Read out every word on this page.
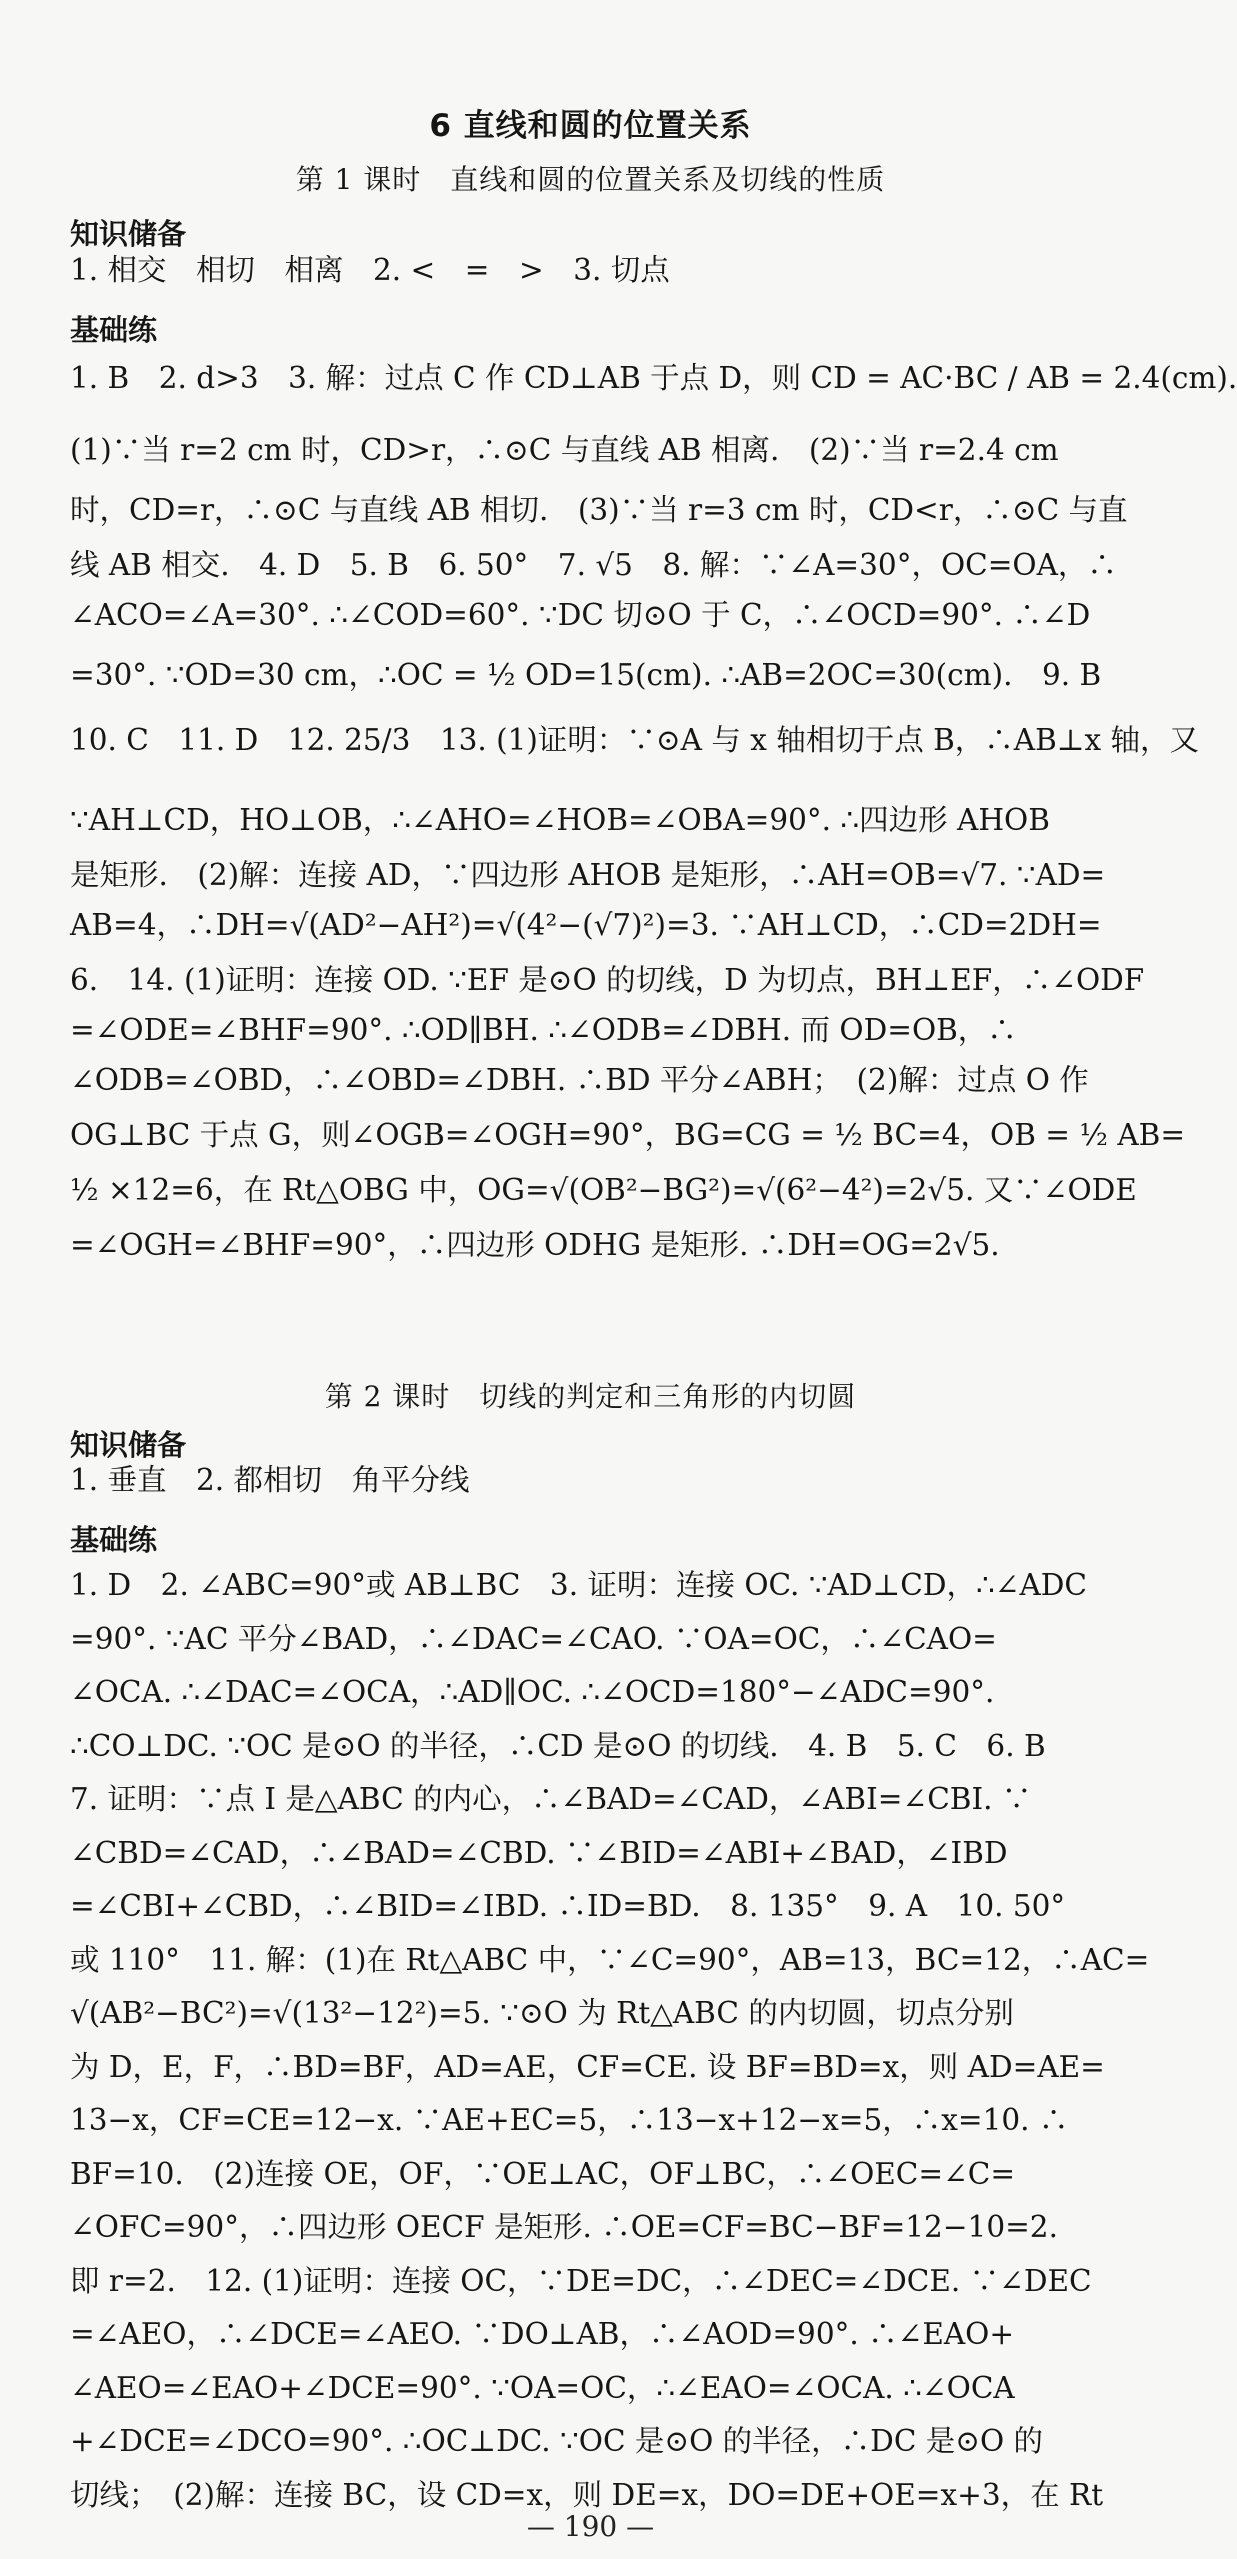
6 直线和圆的位置关系
第 1 课时　直线和圆的位置关系及切线的性质
知识储备
1. 相交　相切　相离　2. <　=　>　3. 切点
基础练
1. B　2. d>3　3. 解：过点 C 作 CD⊥AB 于点 D，则 CD = AC·BC / AB = 2.4(cm).
(1)∵当 r=2 cm 时，CD>r，∴⊙C 与直线 AB 相离.　(2)∵当 r=2.4 cm
时，CD=r，∴⊙C 与直线 AB 相切.　(3)∵当 r=3 cm 时，CD<r，∴⊙C 与直
线 AB 相交.　4. D　5. B　6. 50°　7. √5　8. 解：∵∠A=30°，OC=OA，∴
∠ACO=∠A=30°. ∴∠COD=60°. ∵DC 切⊙O 于 C，∴∠OCD=90°. ∴∠D
=30°. ∵OD=30 cm，∴OC = ½ OD=15(cm). ∴AB=2OC=30(cm).　9. B
10. C　11. D　12. 25/3　13. (1)证明：∵⊙A 与 x 轴相切于点 B，∴AB⊥x 轴，又
∵AH⊥CD，HO⊥OB，∴∠AHO=∠HOB=∠OBA=90°. ∴四边形 AHOB
是矩形.　(2)解：连接 AD，∵四边形 AHOB 是矩形，∴AH=OB=√7. ∵AD=
AB=4，∴DH=√(AD²−AH²)=√(4²−(√7)²)=3. ∵AH⊥CD，∴CD=2DH=
6.　14. (1)证明：连接 OD. ∵EF 是⊙O 的切线，D 为切点，BH⊥EF，∴∠ODF
=∠ODE=∠BHF=90°. ∴OD∥BH. ∴∠ODB=∠DBH. 而 OD=OB，∴
∠ODB=∠OBD，∴∠OBD=∠DBH. ∴BD 平分∠ABH；　(2)解：过点 O 作
OG⊥BC 于点 G，则∠OGB=∠OGH=90°，BG=CG = ½ BC=4，OB = ½ AB=
½ ×12=6，在 Rt△OBG 中，OG=√(OB²−BG²)=√(6²−4²)=2√5. 又∵∠ODE
=∠OGH=∠BHF=90°，∴四边形 ODHG 是矩形. ∴DH=OG=2√5.
第 2 课时　切线的判定和三角形的内切圆
知识储备
1. 垂直　2. 都相切　角平分线
基础练
1. D　2. ∠ABC=90°或 AB⊥BC　3. 证明：连接 OC. ∵AD⊥CD，∴∠ADC
=90°. ∵AC 平分∠BAD，∴∠DAC=∠CAO. ∵OA=OC，∴∠CAO=
∠OCA. ∴∠DAC=∠OCA，∴AD∥OC. ∴∠OCD=180°−∠ADC=90°.
∴CO⊥DC. ∵OC 是⊙O 的半径，∴CD 是⊙O 的切线.　4. B　5. C　6. B
7. 证明：∵点 I 是△ABC 的内心，∴∠BAD=∠CAD，∠ABI=∠CBI. ∵
∠CBD=∠CAD，∴∠BAD=∠CBD. ∵∠BID=∠ABI+∠BAD，∠IBD
=∠CBI+∠CBD，∴∠BID=∠IBD. ∴ID=BD.　8. 135°　9. A　10. 50°
或 110°　11. 解：(1)在 Rt△ABC 中，∵∠C=90°，AB=13，BC=12，∴AC=
√(AB²−BC²)=√(13²−12²)=5. ∵⊙O 为 Rt△ABC 的内切圆，切点分别
为 D，E，F，∴BD=BF，AD=AE，CF=CE. 设 BF=BD=x，则 AD=AE=
13−x，CF=CE=12−x. ∵AE+EC=5，∴13−x+12−x=5，∴x=10. ∴
BF=10.　(2)连接 OE，OF，∵OE⊥AC，OF⊥BC，∴∠OEC=∠C=
∠OFC=90°，∴四边形 OECF 是矩形. ∴OE=CF=BC−BF=12−10=2.
即 r=2.　12. (1)证明：连接 OC，∵DE=DC，∴∠DEC=∠DCE. ∵∠DEC
=∠AEO，∴∠DCE=∠AEO. ∵DO⊥AB，∴∠AOD=90°. ∴∠EAO+
∠AEO=∠EAO+∠DCE=90°. ∵OA=OC，∴∠EAO=∠OCA. ∴∠OCA
+∠DCE=∠DCO=90°. ∴OC⊥DC. ∵OC 是⊙O 的半径，∴DC 是⊙O 的
切线；　(2)解：连接 BC，设 CD=x，则 DE=x，DO=DE+OE=x+3，在 Rt
— 190 —
